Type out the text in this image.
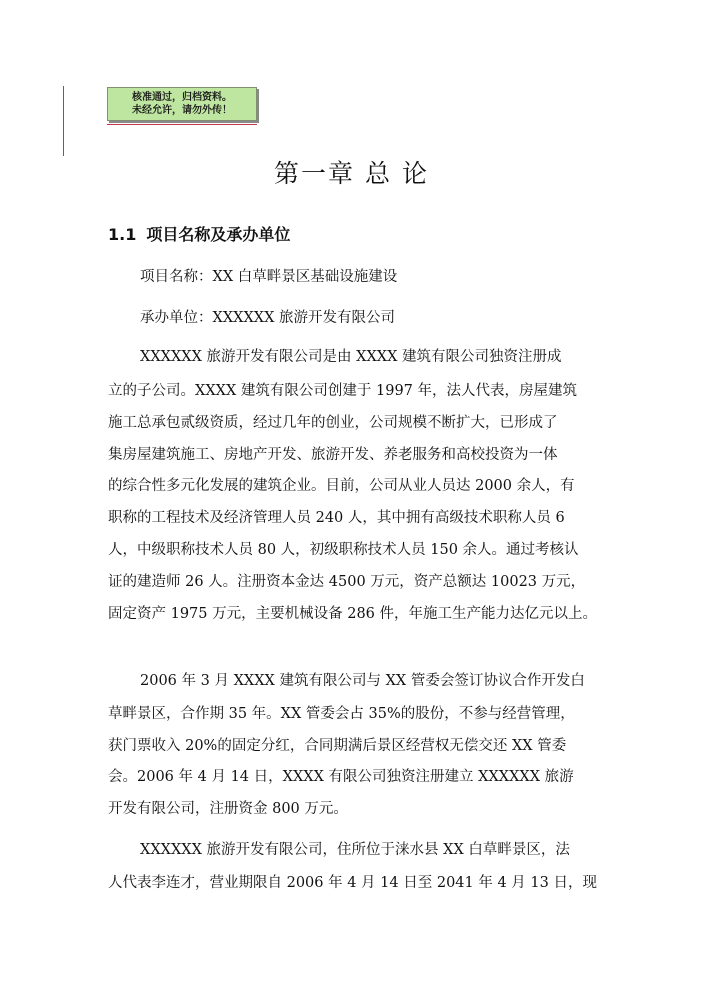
核准通过，归档资料。
未经允许，请勿外传！
第一章 总 论
1.1 项目名称及承办单位
项目名称：XX 白草畔景区基础设施建设
承办单位：XXXXXX 旅游开发有限公司
XXXXXX 旅游开发有限公司是由 XXXX 建筑有限公司独资注册成
立的子公司。XXXX 建筑有限公司创建于 1997 年，法人代表，房屋建筑
施工总承包贰级资质，经过几年的创业，公司规模不断扩大，已形成了
集房屋建筑施工、房地产开发、旅游开发、养老服务和高校投资为一体
的综合性多元化发展的建筑企业。目前，公司从业人员达 2000 余人，有
职称的工程技术及经济管理人员 240 人，其中拥有高级技术职称人员 6
人，中级职称技术人员 80 人，初级职称技术人员 150 余人。通过考核认
证的建造师 26 人。注册资本金达 4500 万元，资产总额达 10023 万元，
固定资产 1975 万元，主要机械设备 286 件，年施工生产能力达亿元以上。
2006 年 3 月 XXXX 建筑有限公司与 XX 管委会签订协议合作开发白
草畔景区，合作期 35 年。XX 管委会占 35%的股份，不参与经营管理，
获门票收入 20%的固定分红，合同期满后景区经营权无偿交还 XX 管委
会。2006 年 4 月 14 日，XXXX 有限公司独资注册建立 XXXXXX 旅游
开发有限公司，注册资金 800 万元。
XXXXXX 旅游开发有限公司，住所位于涞水县 XX 白草畔景区，法
人代表李连才，营业期限自 2006 年 4 月 14 日至 2041 年 4 月 13 日，现
